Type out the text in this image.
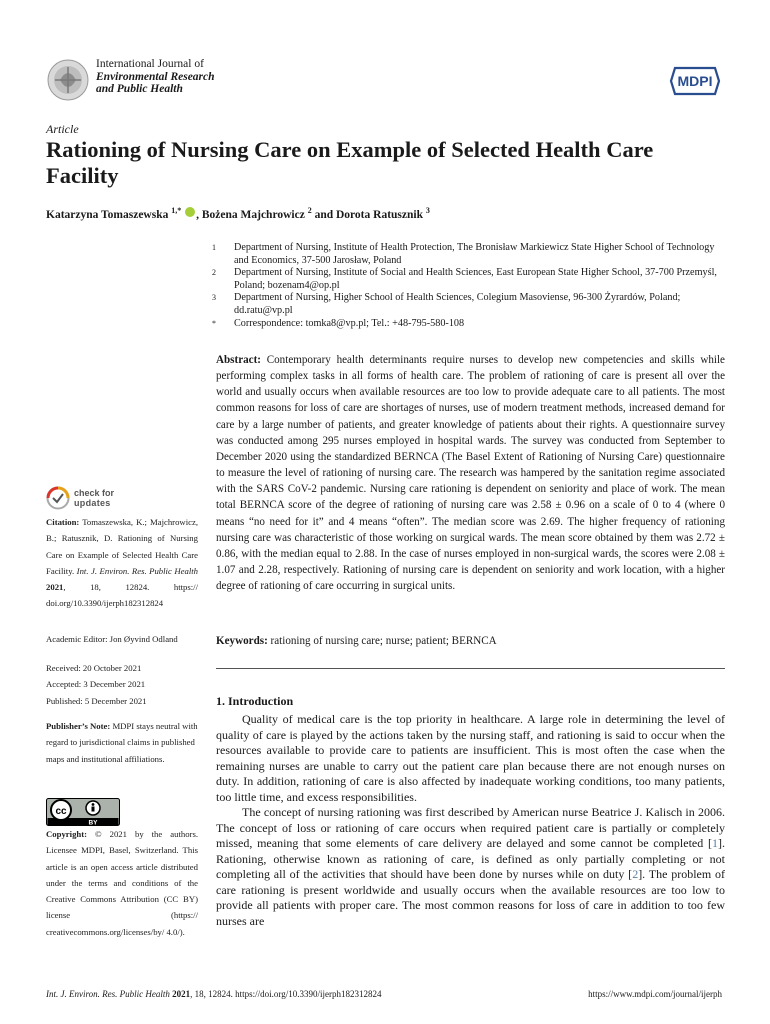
International Journal of
Environmental Research
and Public Health	MDPI
Article
Rationing of Nursing Care on Example of Selected Health Care Facility
Katarzyna Tomaszewska $^{1,*}$ , Bożena Majchrowicz $^2$ and Dorota Ratusznik $^3$
1	Department of Nursing, Institute of Health Protection, The Bronisław Markiewicz State Higher School of Technology and Economics, 37-500 Jarosław, Poland
2	Department of Nursing, Institute of Social and Health Sciences, East European State Higher School, 37-700 Przemyśl, Poland; bozenam4@op.pl
3	Department of Nursing, Higher School of Health Sciences, Colegium Masoviense, 96-300 Żyrardów, Poland; dd.ratu@vp.pl
*	Correspondence: tomka8@vp.pl; Tel.: +48-795-580-108
Abstract: Contemporary health determinants require nurses to develop new competencies and skills while performing complex tasks in all forms of health care. The problem of rationing of care is present all over the world and usually occurs when available resources are too low to provide adequate care to all patients. The most common reasons for loss of care are shortages of nurses, use of modern treatment methods, increased demand for care by a large number of patients, and greater knowledge of patients about their rights. A questionnaire survey was conducted among 295 nurses employed in hospital wards. The survey was conducted from September to December 2020 using the standardized BERNCA (The Basel Extent of Rationing of Nursing Care) questionnaire to measure the level of rationing of nursing care. The research was hampered by the sanitation regime associated with the SARS CoV-2 pandemic. Nursing care rationing is dependent on seniority and place of work. The mean total BERNCA score of the degree of rationing of nursing care was 2.58 ± 0.96 on a scale of 0 to 4 (where 0 means “no need for it” and 4 means “often”. The median score was 2.69. The higher frequency of rationing nursing care was characteristic of those working on surgical wards. The mean score obtained by them was 2.72 ± 0.86, with the median equal to 2.88. In the case of nurses employed in non-surgical wards, the scores were 2.08 ± 1.07 and 2.28, respectively. Rationing of nursing care is dependent on seniority and work location, with a higher degree of rationing of care occurring in surgical units.
Keywords: rationing of nursing care; nurse; patient; BERNCA
check for
updates
Citation: Tomaszewska, K.; Majchrowicz, B.; Ratusznik, D. Rationing of Nursing Care on Example of Selected Health Care Facility. Int. J. Environ. Res. Public Health 2021, 18, 12824. https:// doi.org/10.3390/ijerph182312824
Academic Editor: Jon Øyvind Odland
Received: 20 October 2021
Accepted: 3 December 2021
Published: 5 December 2021
Publisher’s Note: MDPI stays neutral with regard to jurisdictional claims in published maps and institutional affiliations.
cc
BY
Copyright: © 2021 by the authors. Licensee MDPI, Basel, Switzerland. This article is an open access article distributed under the terms and conditions of the Creative Commons Attribution (CC BY) license (https:// creativecommons.org/licenses/by/ 4.0/).
1. Introduction

Quality of medical care is the top priority in healthcare. A large role in determining the level of quality of care is played by the actions taken by the nursing staff, and rationing is said to occur when the resources available to provide care to patients are insufficient. This is most often the case when the remaining nurses are unable to carry out the patient care plan because there are not enough nurses on duty. In addition, rationing of care is also affected by inadequate working conditions, too many patients, too little time, and excess responsibilities.

The concept of nursing rationing was first described by American nurse Beatrice J. Kalisch in 2006. The concept of loss or rationing of care occurs when required patient care is partially or completely missed, meaning that some elements of care delivery are delayed and some cannot be completed [1]. Rationing, otherwise known as rationing of care, is defined as only partially completing or not completing all of the activities that should have been done by nurses while on duty [2]. The problem of care rationing is present worldwide and usually occurs when the available resources are too low to provide all patients with proper care. The most common reasons for loss of care in addition to too few nurses are

Int. J. Environ. Res. Public Health 2021, 18, 12824. https://doi.org/10.3390/ijerph182312824	https://www.mdpi.com/journal/ijerph
